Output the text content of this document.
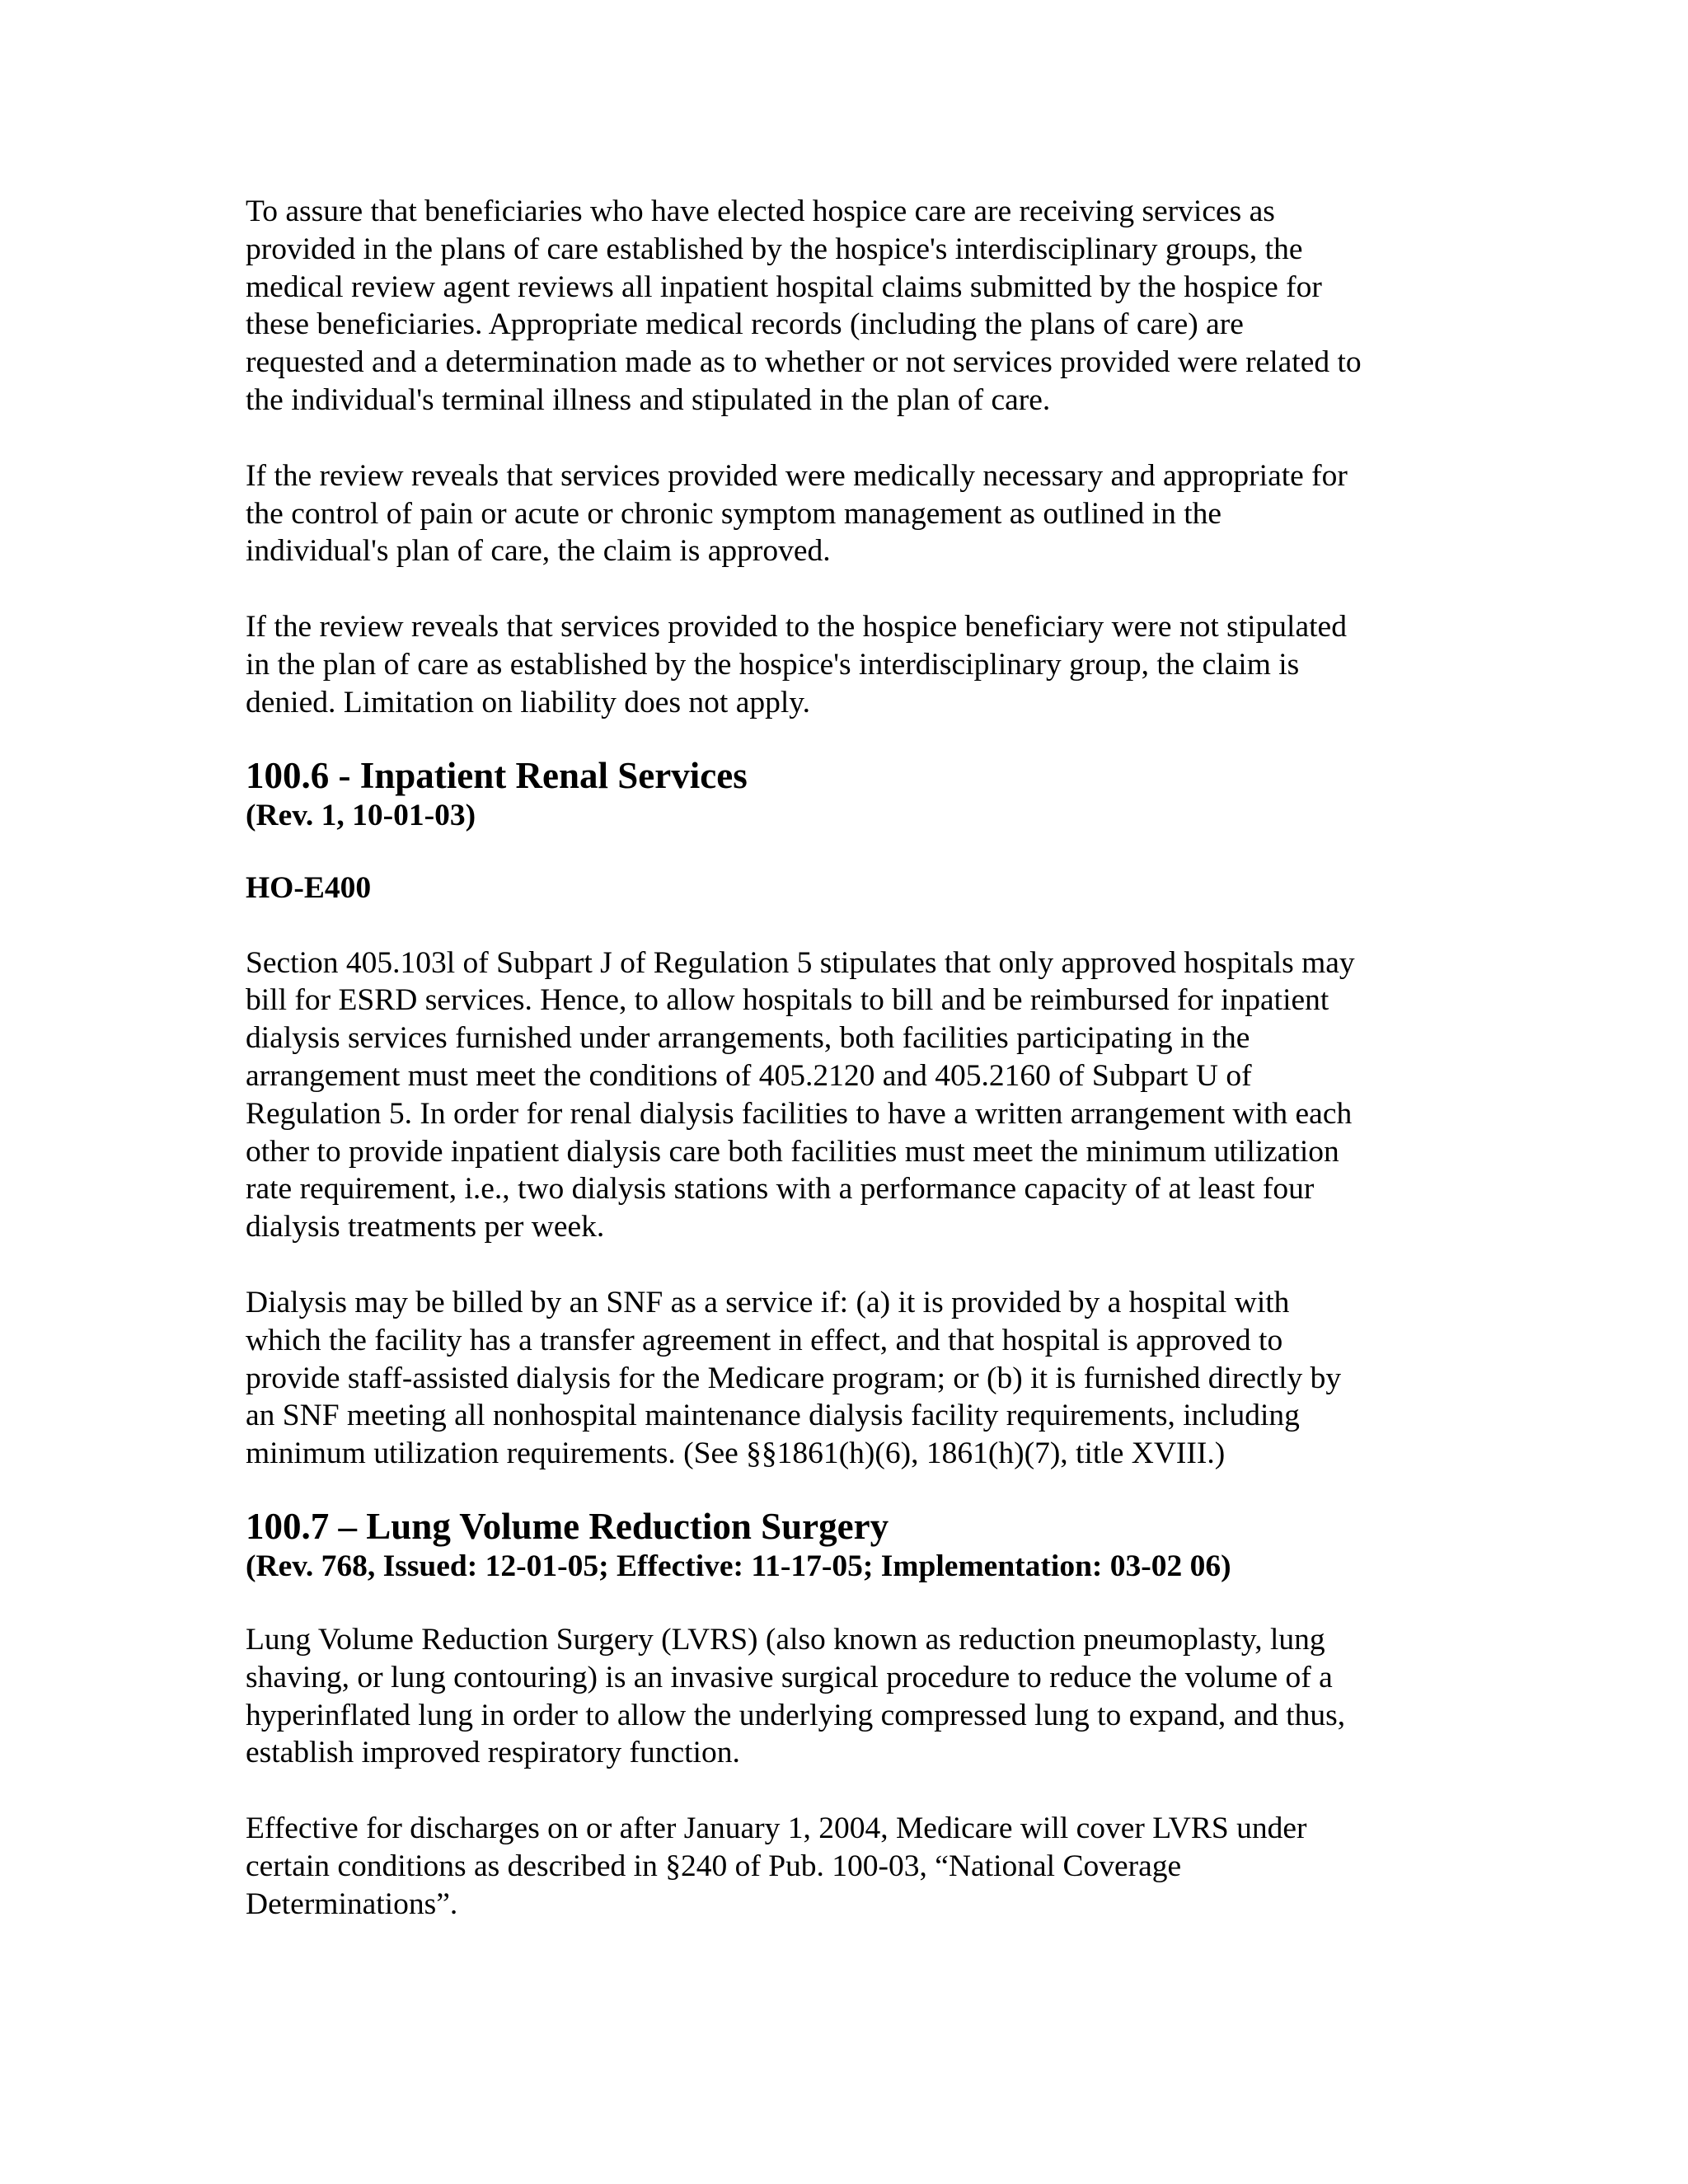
To assure that beneficiaries who have elected hospice care are receiving services as
provided in the plans of care established by the hospice's interdisciplinary groups, the
medical review agent reviews all inpatient hospital claims submitted by the hospice for
these beneficiaries. Appropriate medical records (including the plans of care) are
requested and a determination made as to whether or not services provided were related to
the individual's terminal illness and stipulated in the plan of care.

If the review reveals that services provided were medically necessary and appropriate for
the control of pain or acute or chronic symptom management as outlined in the
individual's plan of care, the claim is approved.

If the review reveals that services provided to the hospice beneficiary were not stipulated
in the plan of care as established by the hospice's interdisciplinary group, the claim is
denied. Limitation on liability does not apply.

100.6 - Inpatient Renal Services
(Rev. 1, 10-01-03)
HO-E400

Section 405.103l of Subpart J of Regulation 5 stipulates that only approved hospitals may
bill for ESRD services. Hence, to allow hospitals to bill and be reimbursed for inpatient
dialysis services furnished under arrangements, both facilities participating in the
arrangement must meet the conditions of 405.2120 and 405.2160 of Subpart U of
Regulation 5. In order for renal dialysis facilities to have a written arrangement with each
other to provide inpatient dialysis care both facilities must meet the minimum utilization
rate requirement, i.e., two dialysis stations with a performance capacity of at least four
dialysis treatments per week.

Dialysis may be billed by an SNF as a service if: (a) it is provided by a hospital with
which the facility has a transfer agreement in effect, and that hospital is approved to
provide staff-assisted dialysis for the Medicare program; or (b) it is furnished directly by
an SNF meeting all nonhospital maintenance dialysis facility requirements, including
minimum utilization requirements. (See §§1861(h)(6), 1861(h)(7), title XVIII.)

100.7 – Lung Volume Reduction Surgery
(Rev. 768, Issued: 12-01-05; Effective: 11-17-05; Implementation: 03-02 06)

Lung Volume Reduction Surgery (LVRS) (also known as reduction pneumoplasty, lung
shaving, or lung contouring) is an invasive surgical procedure to reduce the volume of a
hyperinflated lung in order to allow the underlying compressed lung to expand, and thus,
establish improved respiratory function.

Effective for discharges on or after January 1, 2004, Medicare will cover LVRS under
certain conditions as described in §240 of Pub. 100-03, “National Coverage
Determinations”.
